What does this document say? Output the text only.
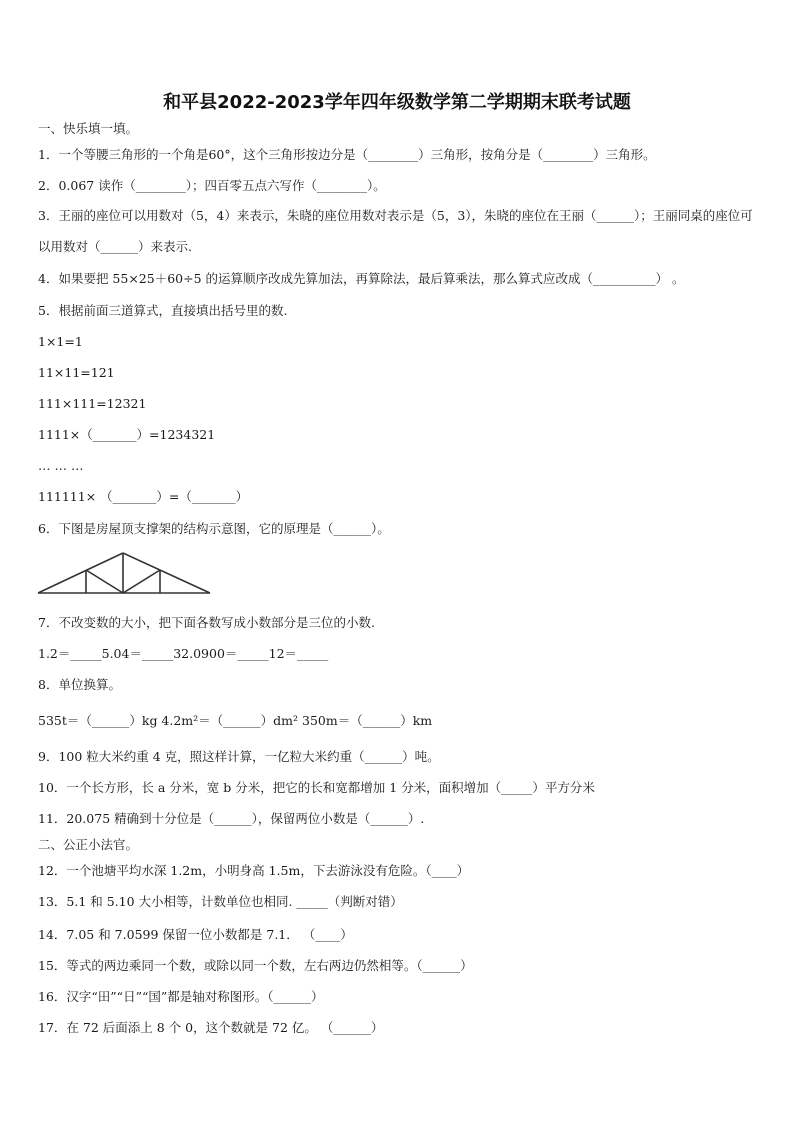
和平县2022-2023学年四年级数学第二学期期末联考试题
一、快乐填一填。
1．一个等腰三角形的一个角是60°，这个三角形按边分是（________）三角形，按角分是（________）三角形。
2．0.067 读作（________）；四百零五点六写作（________）。
3．王丽的座位可以用数对（5，4）来表示，朱晓的座位用数对表示是（5，3），朱晓的座位在王丽（______）；王丽同桌的座位可以用数对（______）来表示.
4．如果要把 55×25＋60÷5 的运算顺序改成先算加法，再算除法，最后算乘法，那么算式应改成（__________） 。
5．根据前面三道算式，直接填出括号里的数.
1×1=1
11×11=121
111×111=12321
1111×（_______）=1234321
… … …
111111× （_______）=（_______）
6．下图是房屋顶支撑架的结构示意图，它的原理是（______）。
7．不改变数的大小，把下面各数写成小数部分是三位的小数.
1.2＝_____5.04＝_____32.0900＝_____12＝_____
8．单位换算。
535t＝（______）kg 4.2m²＝（______）dm² 350m＝（______）km
9．100 粒大米约重 4 克，照这样计算，一亿粒大米约重（______）吨。
10．一个长方形，长 a 分米，宽 b 分米，把它的长和宽都增加 1 分米，面积增加（_____）平方分米
11．20.075 精确到十分位是（______），保留两位小数是（______）.
二、公正小法官。
12．一个池塘平均水深 1.2m，小明身高 1.5m，下去游泳没有危险。（____）
13．5.1 和 5.10 大小相等，计数单位也相同. _____（判断对错）
14．7.05 和 7.0599 保留一位小数都是 7.1． （____）
15．等式的两边乘同一个数，或除以同一个数，左右两边仍然相等。（______）
16．汉字“田”“日”“国”都是轴对称图形。（______）
17．在 72 后面添上 8 个 0，这个数就是 72 亿。 （______）
